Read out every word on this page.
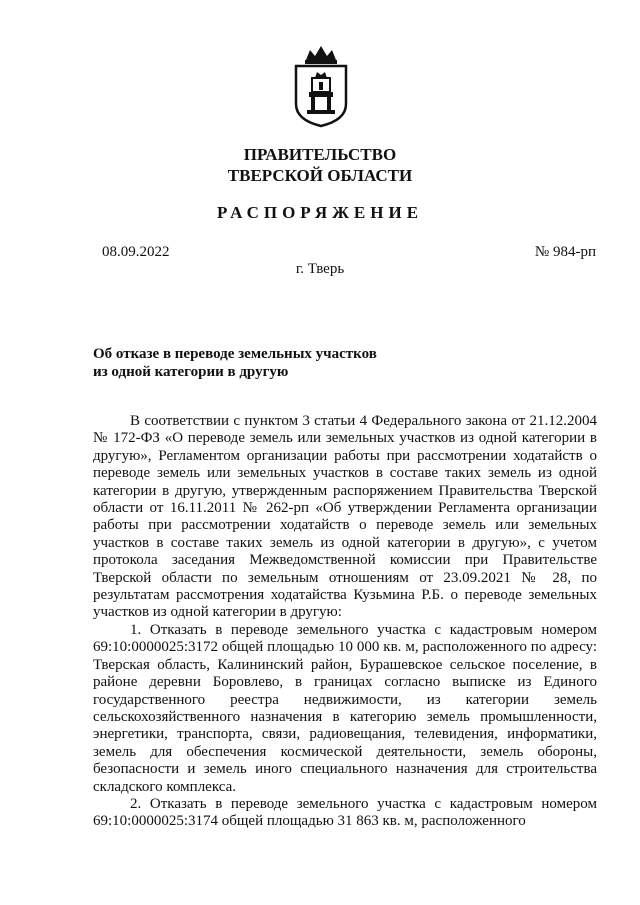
ПРАВИТЕЛЬСТВО
ТВЕРСКОЙ ОБЛАСТИ
РАСПОРЯЖЕНИЕ
08.09.2022	№ 984-рп
г. Тверь
Об отказе в переводе земельных участков
из одной категории в другую

В соответствии с пунктом 3 статьи 4 Федерального закона от 21.12.2004 № 172-ФЗ «О переводе земель или земельных участков из одной категории в другую», Регламентом организации работы при рассмотрении ходатайств о переводе земель или земельных участков в составе таких земель из одной категории в другую, утвержденным распоряжением Правительства Тверской области от 16.11.2011 № 262-рп «Об утверждении Регламента организации работы при рассмотрении ходатайств о переводе земель или земельных участков в составе таких земель из одной категории в другую», с учетом протокола заседания Межведомственной комиссии при Правительстве Тверской области по земельным отношениям от 23.09.2021 № 28, по результатам рассмотрения ходатайства Кузьмина Р.Б. о переводе земельных участков из одной категории в другую:

1. Отказать в переводе земельного участка с кадастровым номером 69:10:0000025:3172 общей площадью 10 000 кв. м, расположенного по адресу: Тверская область, Калининский район, Бурашевское сельское поселение, в районе деревни Боровлево, в границах согласно выписке из Единого государственного реестра недвижимости, из категории земель сельскохозяйственного назначения в категорию земель промышленности, энергетики, транспорта, связи, радиовещания, телевидения, информатики, земель для обеспечения космической деятельности, земель обороны, безопасности и земель иного специального назначения для строительства складского комплекса.

2. Отказать в переводе земельного участка с кадастровым номером 69:10:0000025:3174 общей площадью 31 863 кв. м, расположенного
